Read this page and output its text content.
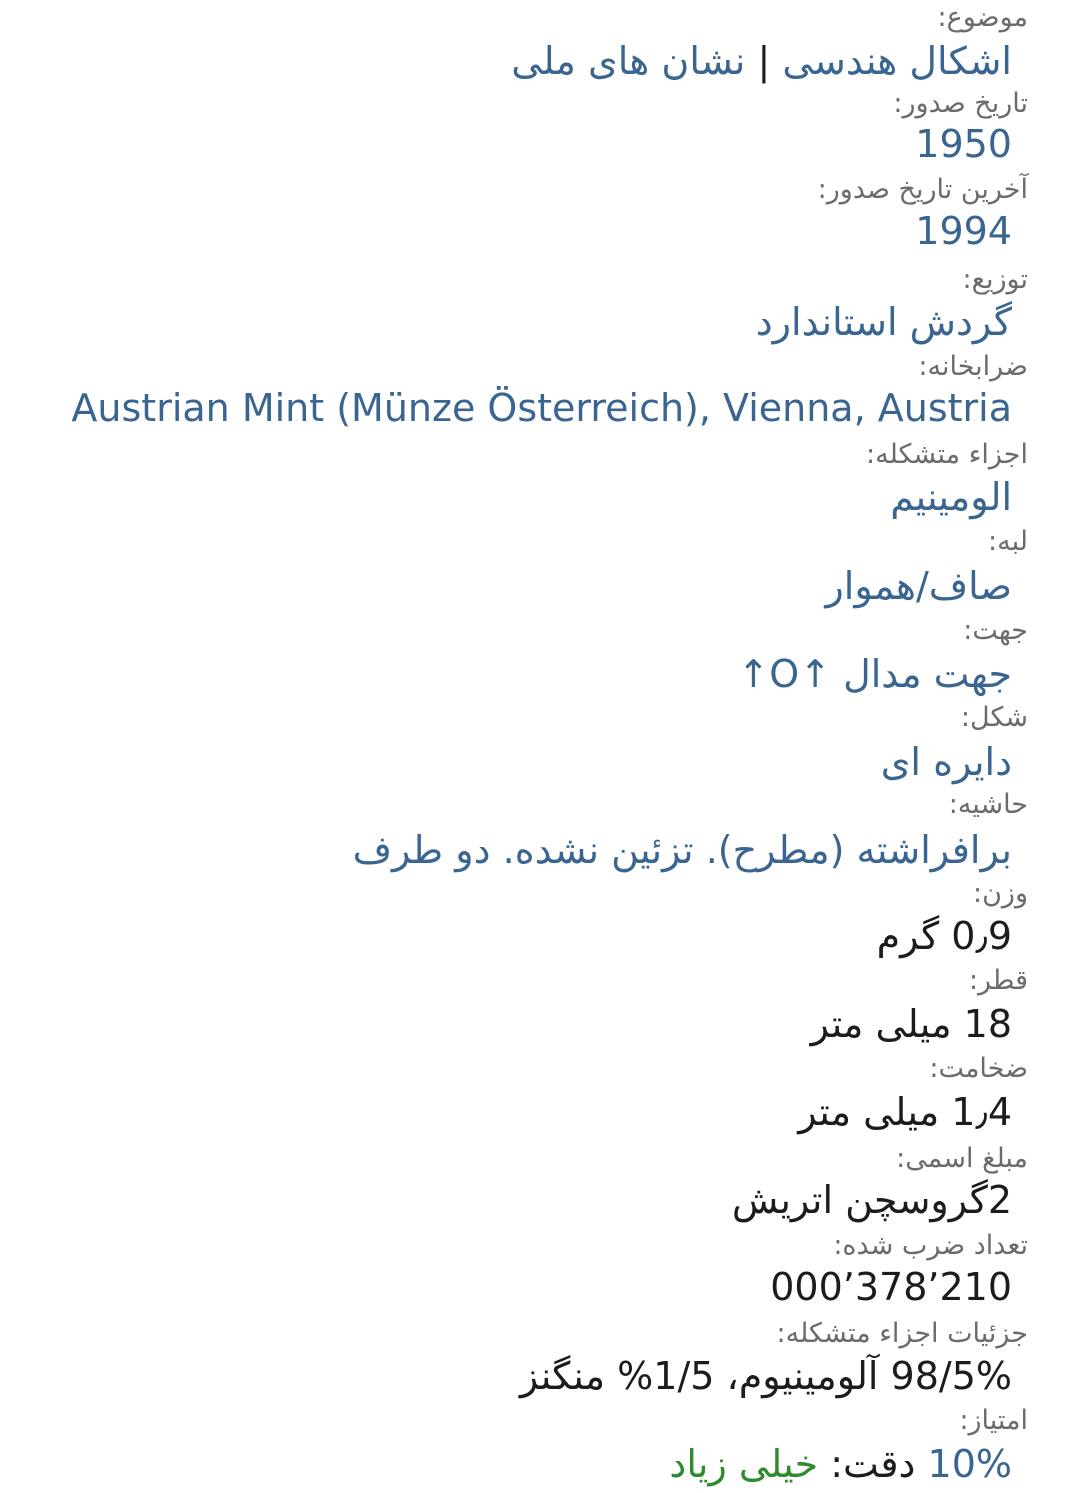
موضوع:
اشکال هندسی | نشان های ملی
تاریخ صدور:
1950
آخرین تاریخ صدور:
1994
توزیع:
گردش استاندارد
ضرابخانه:
Austrian Mint (Münze Österreich), Vienna, Austria
اجزاء متشکله:
الومینیم
لبه:
صاف/هموار
جهت:
جهت مدال ↑O↑
شکل:
دایره ای
حاشیه:
برافراشته (مطرح). تزئین نشده. دو طرف
وزن:
0٫9 گرم
قطر:
18 میلی متر
ضخامت:
1٫4 میلی متر
مبلغ اسمی:
2گروسچن اتریش
تعداد ضرب شده:
210’378’000
جزئیات اجزاء متشکله:
98/5% آلومینیوم، 1/5% منگنز
امتیاز:
10% دقت: خیلی زیاد
